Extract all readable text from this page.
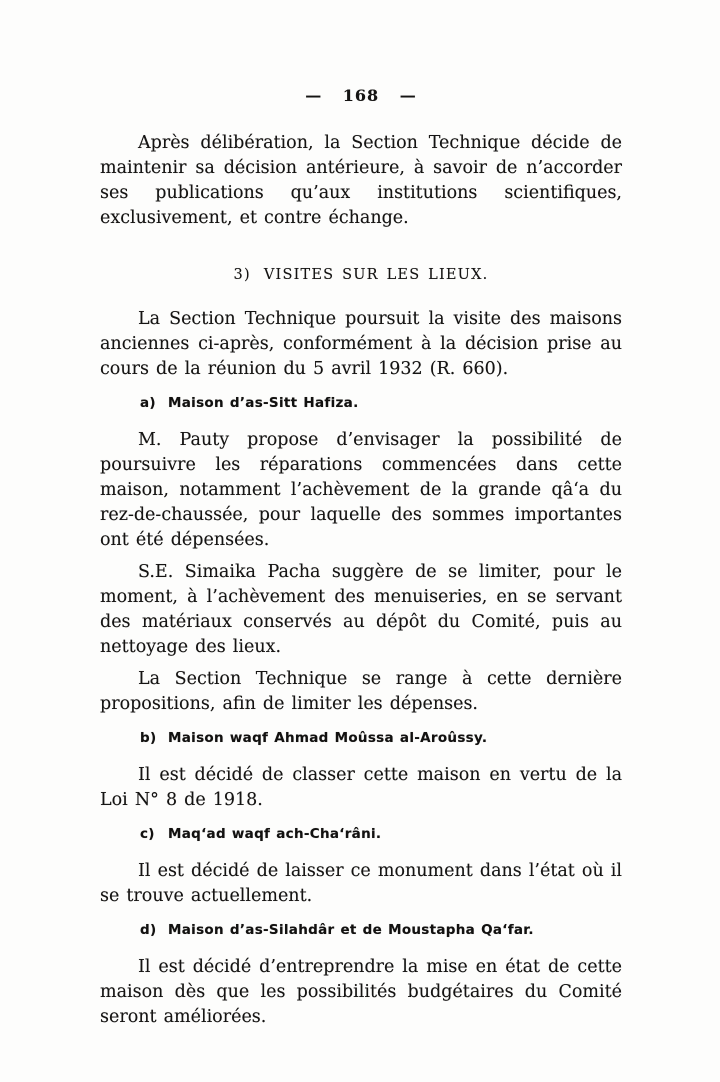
— 168 —

Après délibération, la Section Technique décide de maintenir sa décision antérieure, à savoir de n’accorder ses publications qu’aux institutions scientifiques, exclusivement, et contre échange.

3) VISITES SUR LES LIEUX.

La Section Technique poursuit la visite des maisons anciennes ci-après, conformément à la décision prise au cours de la réunion du 5 avril 1932 (R. 660).

a) Maison d’as-Sitt Hafiza.

M. Pauty propose d’envisager la possibilité de poursuivre les réparations commencées dans cette maison, notamment l’achèvement de la grande qâ‘a du rez-de-chaussée, pour laquelle des sommes importantes ont été dépensées.

S.E. Simaika Pacha suggère de se limiter, pour le moment, à l’achèvement des menuiseries, en se servant des matériaux conservés au dépôt du Comité, puis au nettoyage des lieux.

La Section Technique se range à cette dernière propositions, afin de limiter les dépenses.

b) Maison waqf Ahmad Moûssa al-Aroûssy.

Il est décidé de classer cette maison en vertu de la Loi N° 8 de 1918.

c) Maq‘ad waqf ach-Cha‘râni.

Il est décidé de laisser ce monument dans l’état où il se trouve actuellement.

d) Maison d’as-Silahdâr et de Moustapha Qa‘far.

Il est décidé d’entreprendre la mise en état de cette maison dès que les possibilités budgétaires du Comité seront améliorées.
